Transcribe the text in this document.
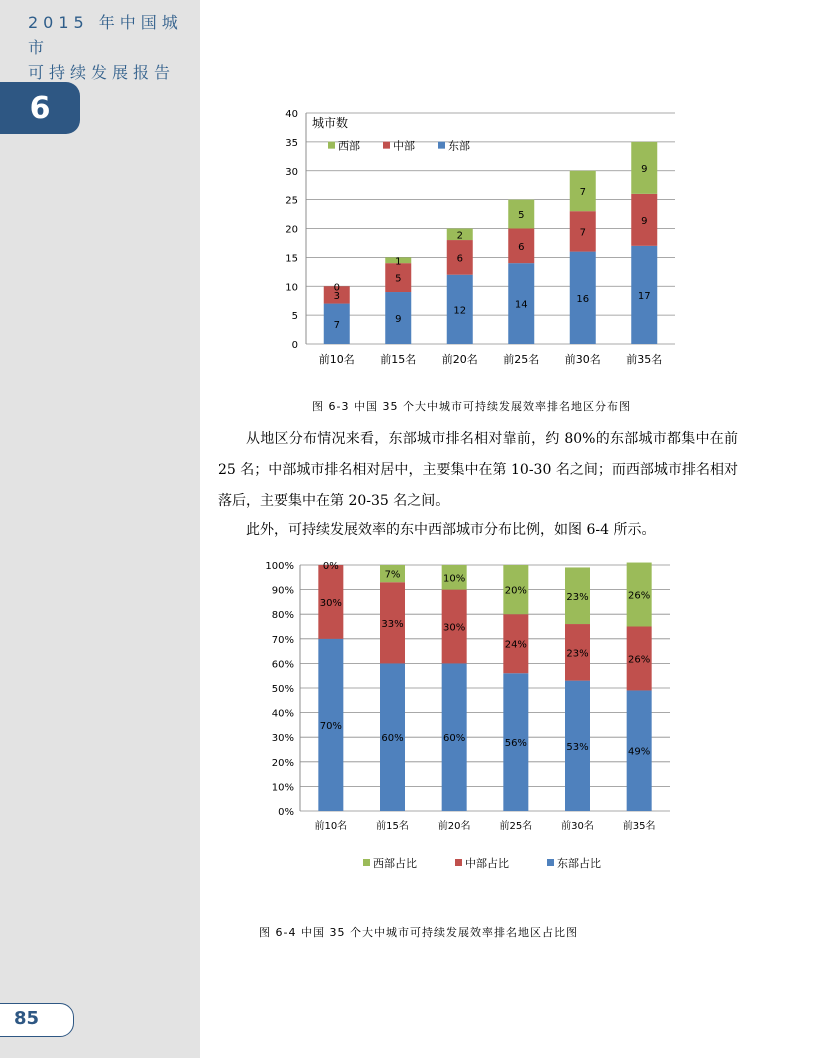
2015 年中国城市
可持续发展报告
6
85
0
5
10
15
20
25
30
35
40
城市数
7
3
0
前10名
9
5
1
前15名
12
6
2
前20名
14
6
5
前25名
16
7
7
前30名
17
9
9
前35名
西部	中部	东部
图 6-3 中国 35 个大中城市可持续发展效率排名地区分布图

从地区分布情况来看，东部城市排名相对靠前，约 80%的东部城市都集中在前 25 名；中部城市排名相对居中，主要集中在第 10-30 名之间；而西部城市排名相对落后，主要集中在第 20-35 名之间。

此外，可持续发展效率的东中西部城市分布比例，如图 6-4 所示。

0%
10%
20%
30%
40%
50%
60%
70%
80%
90%
100%
70%
30%
0%
前10名
60%
33%
7%
前15名
60%
30%
10%
前20名
56%
24%
20%
前25名
53%
23%
23%
前30名
49%
26%
26%
前35名
西部占比	中部占比	东部占比
图 6-4 中国 35 个大中城市可持续发展效率排名地区占比图
